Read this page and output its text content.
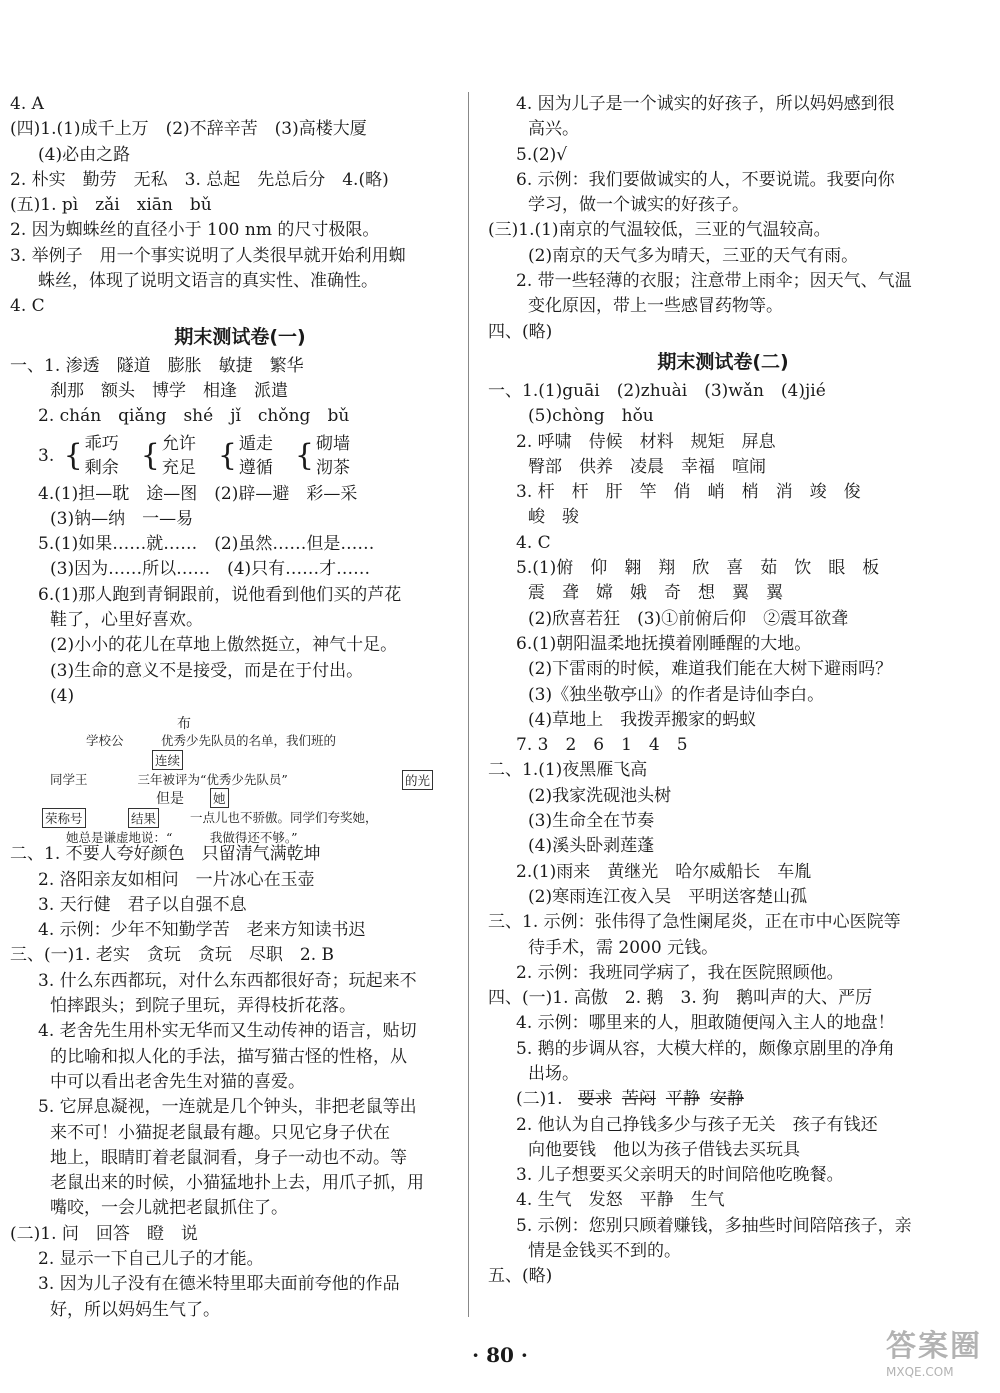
4. A
(四)1.(1)成千上万　(2)不辞辛苦　(3)高楼大厦
(4)必由之路
2. 朴实　勤劳　无私　3. 总起　先总后分　4.(略)
(五)1. pì　zǎi　xiān　bǔ
2. 因为蜘蛛丝的直径小于 100 nm 的尺寸极限。
3. 举例子　用一个事实说明了人类很早就开始利用蜘
蛛丝，体现了说明文语言的真实性、准确性。
4. C
期末测试卷(一)
一、1. 渗透　隧道　膨胀　敏捷　繁华
刹那　额头　博学　相逢　派遣
2. chán　qiǎng　shé　jǐ　chǒng　bǔ
3. { 乖巧
剩余 { 允许
充足 { 遁走
遵循 { 砌墙
沏茶
4.(1)担—耽　途—图　(2)辟—避　彩—采
(3)钠—纳　一—易
5.(1)如果……就……　(2)虽然……但是……
(3)因为……所以……　(4)只有……才……
6.(1)那人跑到青铜跟前，说他看到他们买的芦花
鞋了，心里好喜欢。
(2)小小的花儿在草地上傲然挺立，神气十足。
(3)生命的意义不是接受，而是在于付出。
(4)
布
学校公　　　优秀少先队员的名单，我们班的
连续
同学王　　　　三年被评为“优秀少先队员”	的光
但是 她
荣称号	结果	一点儿也不骄傲。同学们夸奖她，
她总是谦虚地说：“　　　我做得还不够。”
二、1. 不要人夸好颜色　只留清气满乾坤
2. 洛阳亲友如相问　一片冰心在玉壶
3. 天行健　君子以自强不息
4. 示例：少年不知勤学苦　老来方知读书迟
三、(一)1. 老实　贪玩　贪玩　尽职　2. B
3. 什么东西都玩，对什么东西都很好奇；玩起来不
怕摔跟头；到院子里玩，弄得枝折花落。
4. 老舍先生用朴实无华而又生动传神的语言，贴切
的比喻和拟人化的手法，描写猫古怪的性格，从
中可以看出老舍先生对猫的喜爱。
5. 它屏息凝视，一连就是几个钟头，非把老鼠等出
来不可！小猫捉老鼠最有趣。只见它身子伏在
地上，眼睛盯着老鼠洞看，身子一动也不动。等
老鼠出来的时候，小猫猛地扑上去，用爪子抓，用
嘴咬，一会儿就把老鼠抓住了。
(二)1. 问　回答　瞪　说
2. 显示一下自己儿子的才能。
3. 因为儿子没有在德米特里耶夫面前夸他的作品
好，所以妈妈生气了。
4. 因为儿子是一个诚实的好孩子，所以妈妈感到很
高兴。
5.(2)√
6. 示例：我们要做诚实的人，不要说谎。我要向你
学习，做一个诚实的好孩子。
(三)1.(1)南京的气温较低，三亚的气温较高。
(2)南京的天气多为晴天，三亚的天气有雨。
2. 带一些轻薄的衣服；注意带上雨伞；因天气、气温
变化原因，带上一些感冒药物等。
四、(略)
期末测试卷(二)
一、1.(1)guāi　(2)zhuài　(3)wǎn　(4)jié
(5)chòng　hǒu
2. 呼啸　侍候　材料　规矩　屏息
臀部　供养　凌晨　幸福　喧闹
3. 杆　杆　肝　竿　俏　峭　梢　消　竣　俊
峻　骏
4. C
5.(1)俯　仰　翱　翔　欣　喜　茹　饮　眼　板
震　聋　嫦　娥　奇　想　翼　翼
(2)欣喜若狂　(3)①前俯后仰　②震耳欲聋
6.(1)朝阳温柔地抚摸着刚睡醒的大地。
(2)下雷雨的时候，难道我们能在大树下避雨吗？
(3)《独坐敬亭山》的作者是诗仙李白。
(4)草地上　我拨弄搬家的蚂蚁
7. 3　2　6　1　4　5
二、1.(1)夜黑雁飞高
(2)我家洗砚池头树
(3)生命全在节奏
(4)溪头卧剥莲蓬
2.(1)雨来　黄继光　哈尔威船长　车胤
(2)寒雨连江夜入吴　平明送客楚山孤
三、1. 示例：张伟得了急性阑尾炎，正在市中心医院等
待手术，需 2000 元钱。
2. 示例：我班同学病了，我在医院照顾他。
四、(一)1. 高傲　2. 鹅　3. 狗　鹅叫声的大、严厉
4. 示例：哪里来的人，胆敢随便闯入主人的地盘！
5. 鹅的步调从容，大模大样的，颇像京剧里的净角
出场。
(二)1. 要求 苦闷 平静 安静
2. 他认为自己挣钱多少与孩子无关　孩子有钱还
向他要钱　他以为孩子借钱去买玩具
3. 儿子想要买父亲明天的时间陪他吃晚餐。
4. 生气　发怒　平静　生气
5. 示例：您别只顾着赚钱，多抽些时间陪陪孩子，亲
情是金钱买不到的。
五、(略)
· 80 ·	答案圈
MXQE.COM
